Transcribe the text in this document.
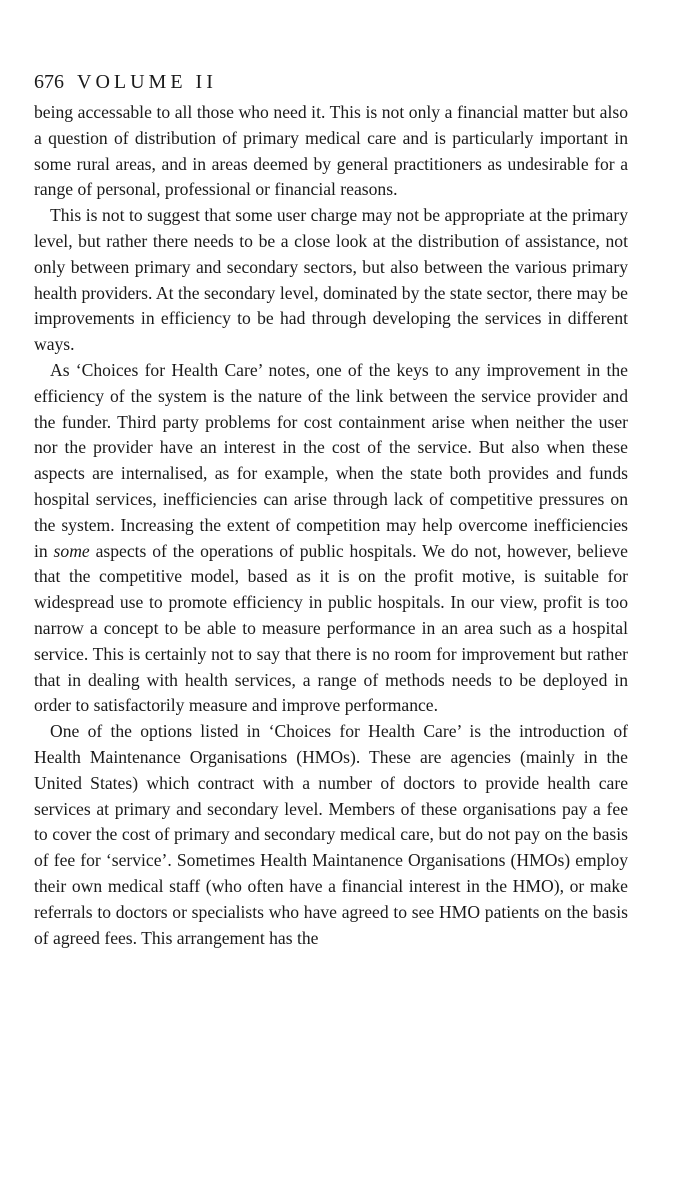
676 VOLUME II

being accessable to all those who need it. This is not only a financial matter but also a question of distribution of primary medical care and is particularly important in some rural areas, and in areas deemed by general practitioners as undesirable for a range of personal, professional or financial reasons.

This is not to suggest that some user charge may not be appropriate at the primary level, but rather there needs to be a close look at the distribution of assistance, not only between primary and secondary sectors, but also between the various primary health providers. At the secondary level, dominated by the state sector, there may be improvements in efficiency to be had through developing the services in different ways.

As ‘Choices for Health Care’ notes, one of the keys to any improvement in the efficiency of the system is the nature of the link between the service provider and the funder. Third party problems for cost containment arise when neither the user nor the provider have an interest in the cost of the service. But also when these aspects are internalised, as for example, when the state both provides and funds hospital services, inefficiencies can arise through lack of competitive pressures on the system. Increasing the extent of competition may help overcome inefficiencies in some aspects of the operations of public hospitals. We do not, however, believe that the competitive model, based as it is on the profit motive, is suitable for widespread use to promote efficiency in public hospitals. In our view, profit is too narrow a concept to be able to measure performance in an area such as a hospital service. This is certainly not to say that there is no room for improvement but rather that in dealing with health services, a range of methods needs to be deployed in order to satisfactorily measure and improve performance.

One of the options listed in ‘Choices for Health Care’ is the introduction of Health Maintenance Organisations (HMOs). These are agencies (mainly in the United States) which contract with a number of doctors to provide health care services at primary and secondary level. Members of these organisations pay a fee to cover the cost of primary and secondary medical care, but do not pay on the basis of fee for ‘service’. Sometimes Health Maintanence Organisations (HMOs) employ their own medical staff (who often have a financial interest in the HMO), or make referrals to doctors or specialists who have agreed to see HMO patients on the basis of agreed fees. This arrangement has the
